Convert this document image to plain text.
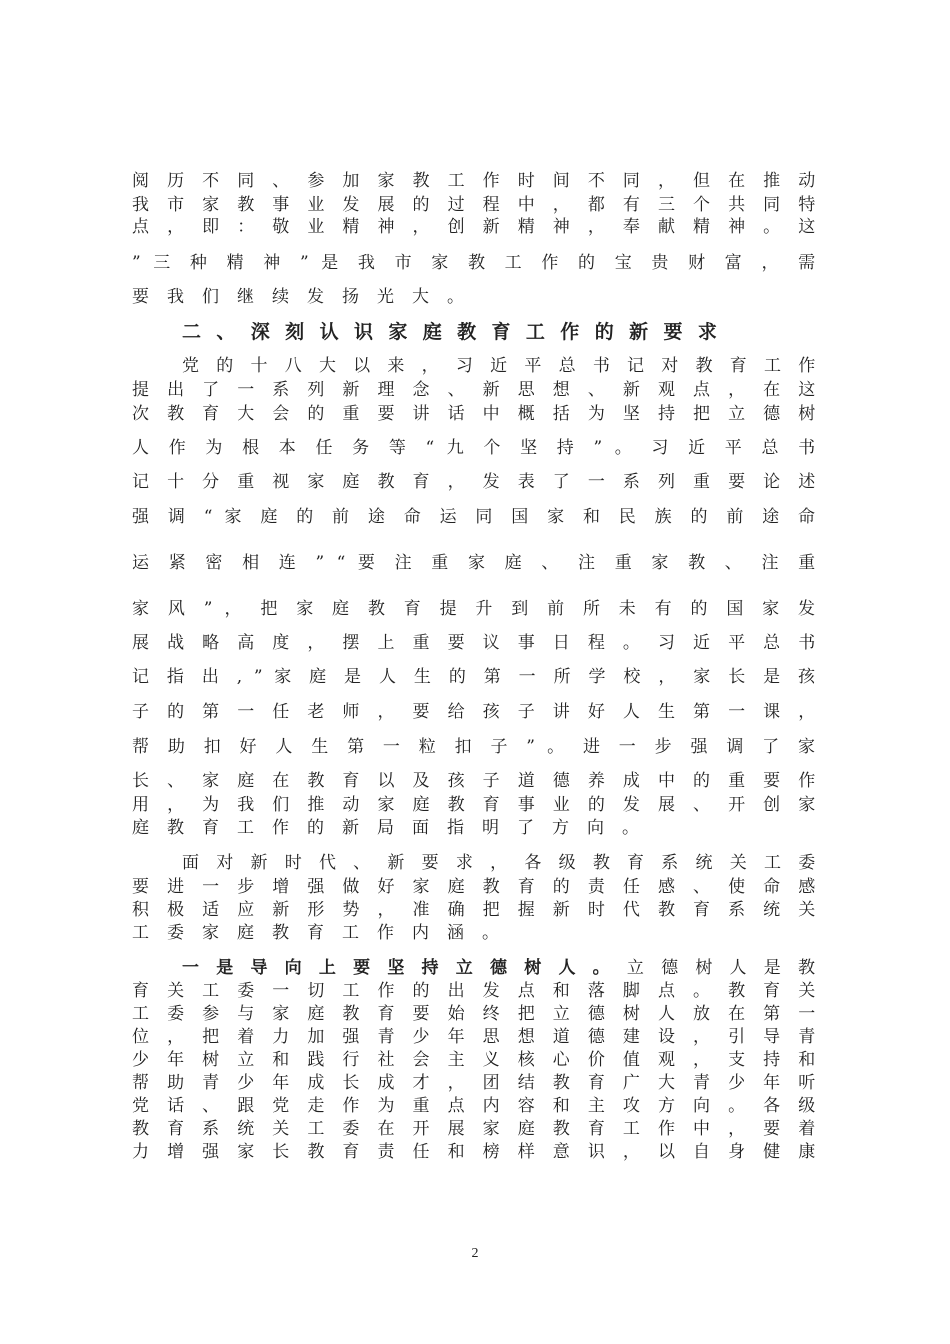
阅 历 不 同 、 参 加 家 教 工 作 时 间 不 同 ， 但 在 推 动
我 市 家 教 事 业 发 展 的 过 程 中 ， 都 有 三 个 共 同 特
点 ， 即 ： 敬 业 精 神 ， 创 新 精 神 ， 奉 献 精 神 。 这
” 三 种 精 神 ” 是 我 市 家 教 工 作 的 宝 贵 财 富 ， 需
要我们继续发扬光大。
二 、 深 刻 认 识 家 庭 教 育 工 作 的 新 要 求
党 的 十 八 大 以 来 ， 习 近 平 总 书 记 对 教 育 工 作
提 出 了 一 系 列 新 理 念 、 新 思 想 、 新 观 点 ， 在 这
次 教 育 大 会 的 重 要 讲 话 中 概 括 为 坚 持 把 立 德 树
人 作 为 根 本 任 务 等 “ 九 个 坚 持 ” 。 习 近 平 总 书
记 十 分 重 视 家 庭 教 育 ， 发 表 了 一 系 列 重 要 论 述
强 调 “ 家 庭 的 前 途 命 运 同 国 家 和 民 族 的 前 途 命
运 紧 密 相 连 ” “ 要 注 重 家 庭 、 注 重 家 教 、 注 重
家 风 ” ， 把 家 庭 教 育 提 升 到 前 所 未 有 的 国 家 发
展 战 略 高 度 ， 摆 上 重 要 议 事 日 程 。 习 近 平 总 书
记 指 出 , ” 家 庭 是 人 生 的 第 一 所 学 校 ， 家 长 是 孩
子 的 第 一 任 老 师 ， 要 给 孩 子 讲 好 人 生 第 一 课 ，
帮 助 扣 好 人 生 第 一 粒 扣 子 ” 。 进 一 步 强 调 了 家
长 、 家 庭 在 教 育 以 及 孩 子 道 德 养 成 中 的 重 要 作
用 ， 为 我 们 推 动 家 庭 教 育 事 业 的 发 展 、 开 创 家
庭教育工作的新局面指明了方向。
面 对 新 时 代 、 新 要 求 ， 各 级 教 育 系 统 关 工 委
要 进 一 步 增 强 做 好 家 庭 教 育 的 责 任 感 、 使 命 感
积 极 适 应 新 形 势 ， 准 确 把 握 新 时 代 教 育 系 统 关
工委家庭教育工作内涵。
一是导向上要坚持立德树人。立德树人是教
育 关 工 委 一 切 工 作 的 出 发 点 和 落 脚 点 。 教 育 关
工 委 参 与 家 庭 教 育 要 始 终 把 立 德 树 人 放 在 第 一
位 ， 把 着 力 加 强 青 少 年 思 想 道 德 建 设 ， 引 导 青
少 年 树 立 和 践 行 社 会 主 义 核 心 价 值 观 ， 支 持 和
帮 助 青 少 年 成 长 成 才 ， 团 结 教 育 广 大 青 少 年 听
党 话 、 跟 党 走 作 为 重 点 内 容 和 主 攻 方 向 。 各 级
教 育 系 统 关 工 委 在 开 展 家 庭 教 育 工 作 中 ， 要 着
力 增 强 家 长 教 育 责 任 和 榜 样 意 识 ， 以 自 身 健 康
2
